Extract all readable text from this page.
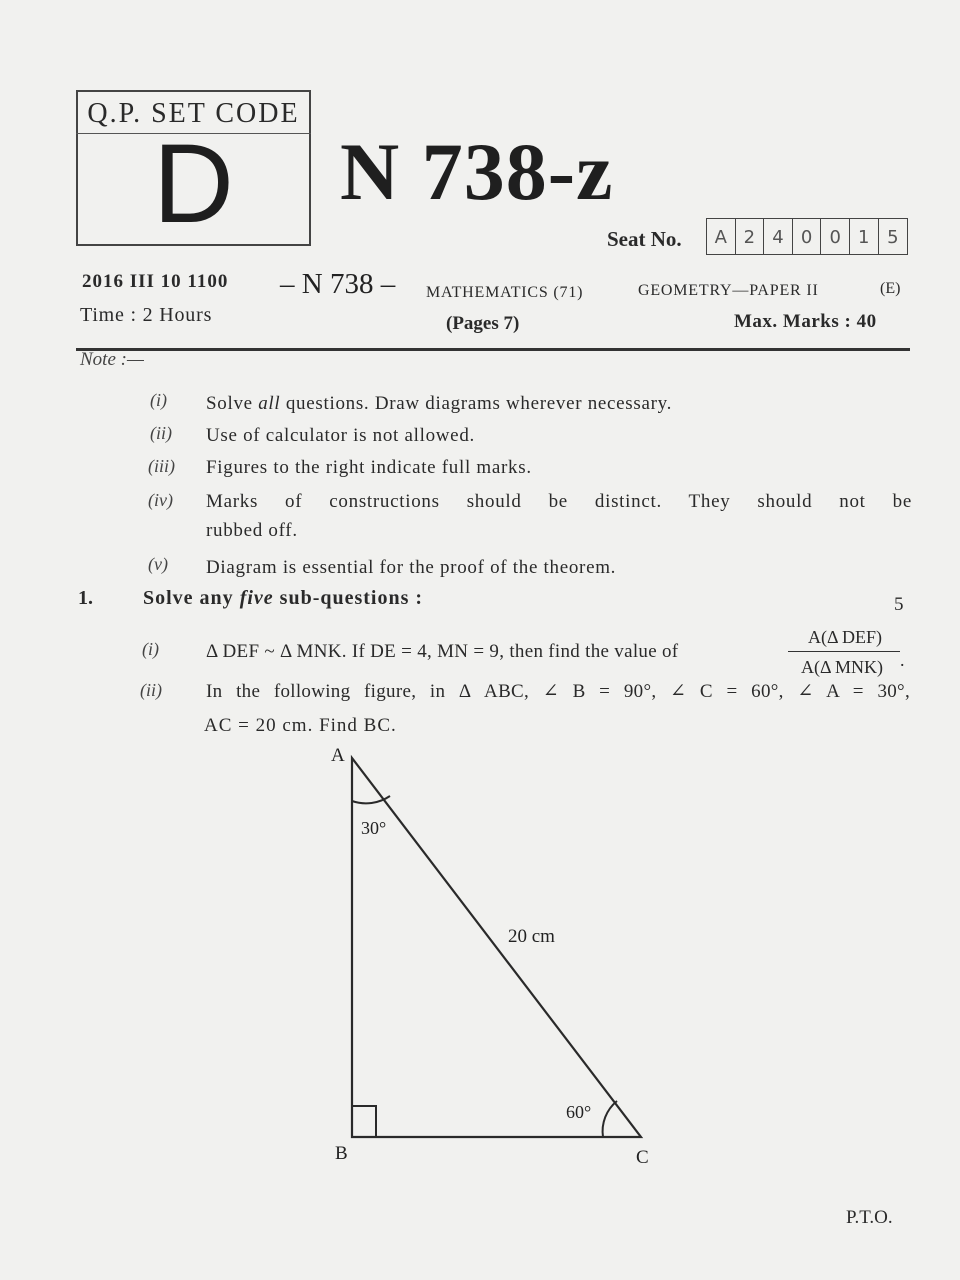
Q.P. SET CODE
D	N 738-z
Seat No.	A 2 4 0 0 1 5
2016 III 10 1100 – N 738 – MATHEMATICS (71)	GEOMETRY—PAPER II	(E)
Time : 2 Hours	(Pages 7)	Max. Marks : 40
Note :—
(i) Solve all questions. Draw diagrams wherever necessary.
(ii) Use of calculator is not allowed.
(iii) Figures to the right indicate full marks.
(iv) Marks of constructions should be distinct. They should not be
rubbed off.
(v) Diagram is essential for the proof of the theorem.
1.	Solve any five sub-questions :	5
(i) Δ DEF ~ Δ MNK. If DE = 4, MN = 9, then find the value of
A(Δ DEF)
A(Δ MNK) .
(ii) In the following figure, in Δ ABC, ∠ B = 90°, ∠ C = 60°, ∠ A = 30°,
AC = 20 cm. Find BC.
A
B	C
30°
60°
20 cm
P.T.O.
